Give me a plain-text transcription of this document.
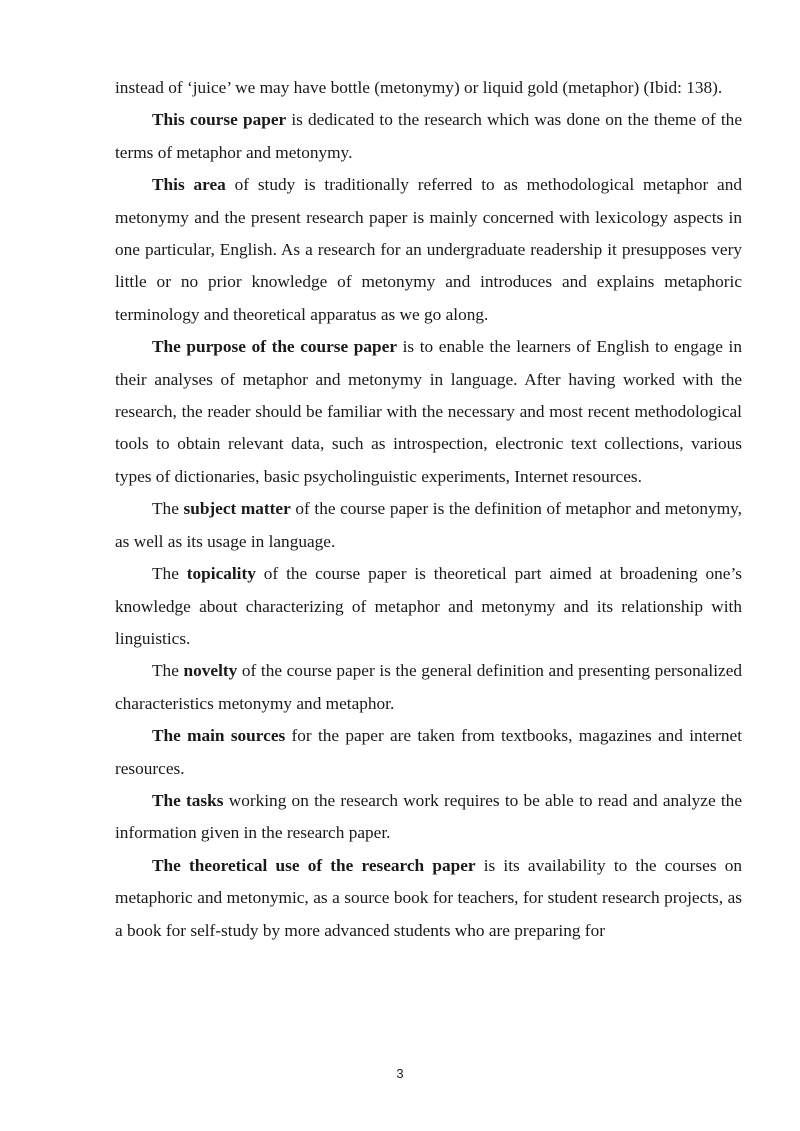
instead of ‘juice’ we may have bottle (metonymy) or liquid gold (metaphor) (Ibid: 138).

This course paper is dedicated to the research which was done on the theme of the terms of metaphor and metonymy.

This area of study is traditionally referred to as methodological metaphor and metonymy and the present research paper is mainly concerned with lexicology aspects in one particular, English. As a research for an undergraduate readership it presupposes very little or no prior knowledge of metonymy and introduces and explains metaphoric terminology and theoretical apparatus as we go along.

The purpose of the course paper is to enable the learners of English to engage in their analyses of metaphor and metonymy in language. After having worked with the research, the reader should be familiar with the necessary and most recent methodological tools to obtain relevant data, such as introspection, electronic text collections, various types of dictionaries, basic psycholinguistic experiments, Internet resources.

The subject matter of the course paper is the definition of metaphor and metonymy, as well as its usage in language.

The topicality of the course paper is theoretical part aimed at broadening one’s knowledge about characterizing of metaphor and metonymy and its relationship with linguistics.

The novelty of the course paper is the general definition and presenting personalized characteristics metonymy and metaphor.

The main sources for the paper are taken from textbooks, magazines and internet resources.

The tasks working on the research work requires to be able to read and analyze the information given in the research paper.

The theoretical use of the research paper is its availability to the courses on metaphoric and metonymic, as a source book for teachers, for student research projects, as a book for self-study by more advanced students who are preparing for

3
